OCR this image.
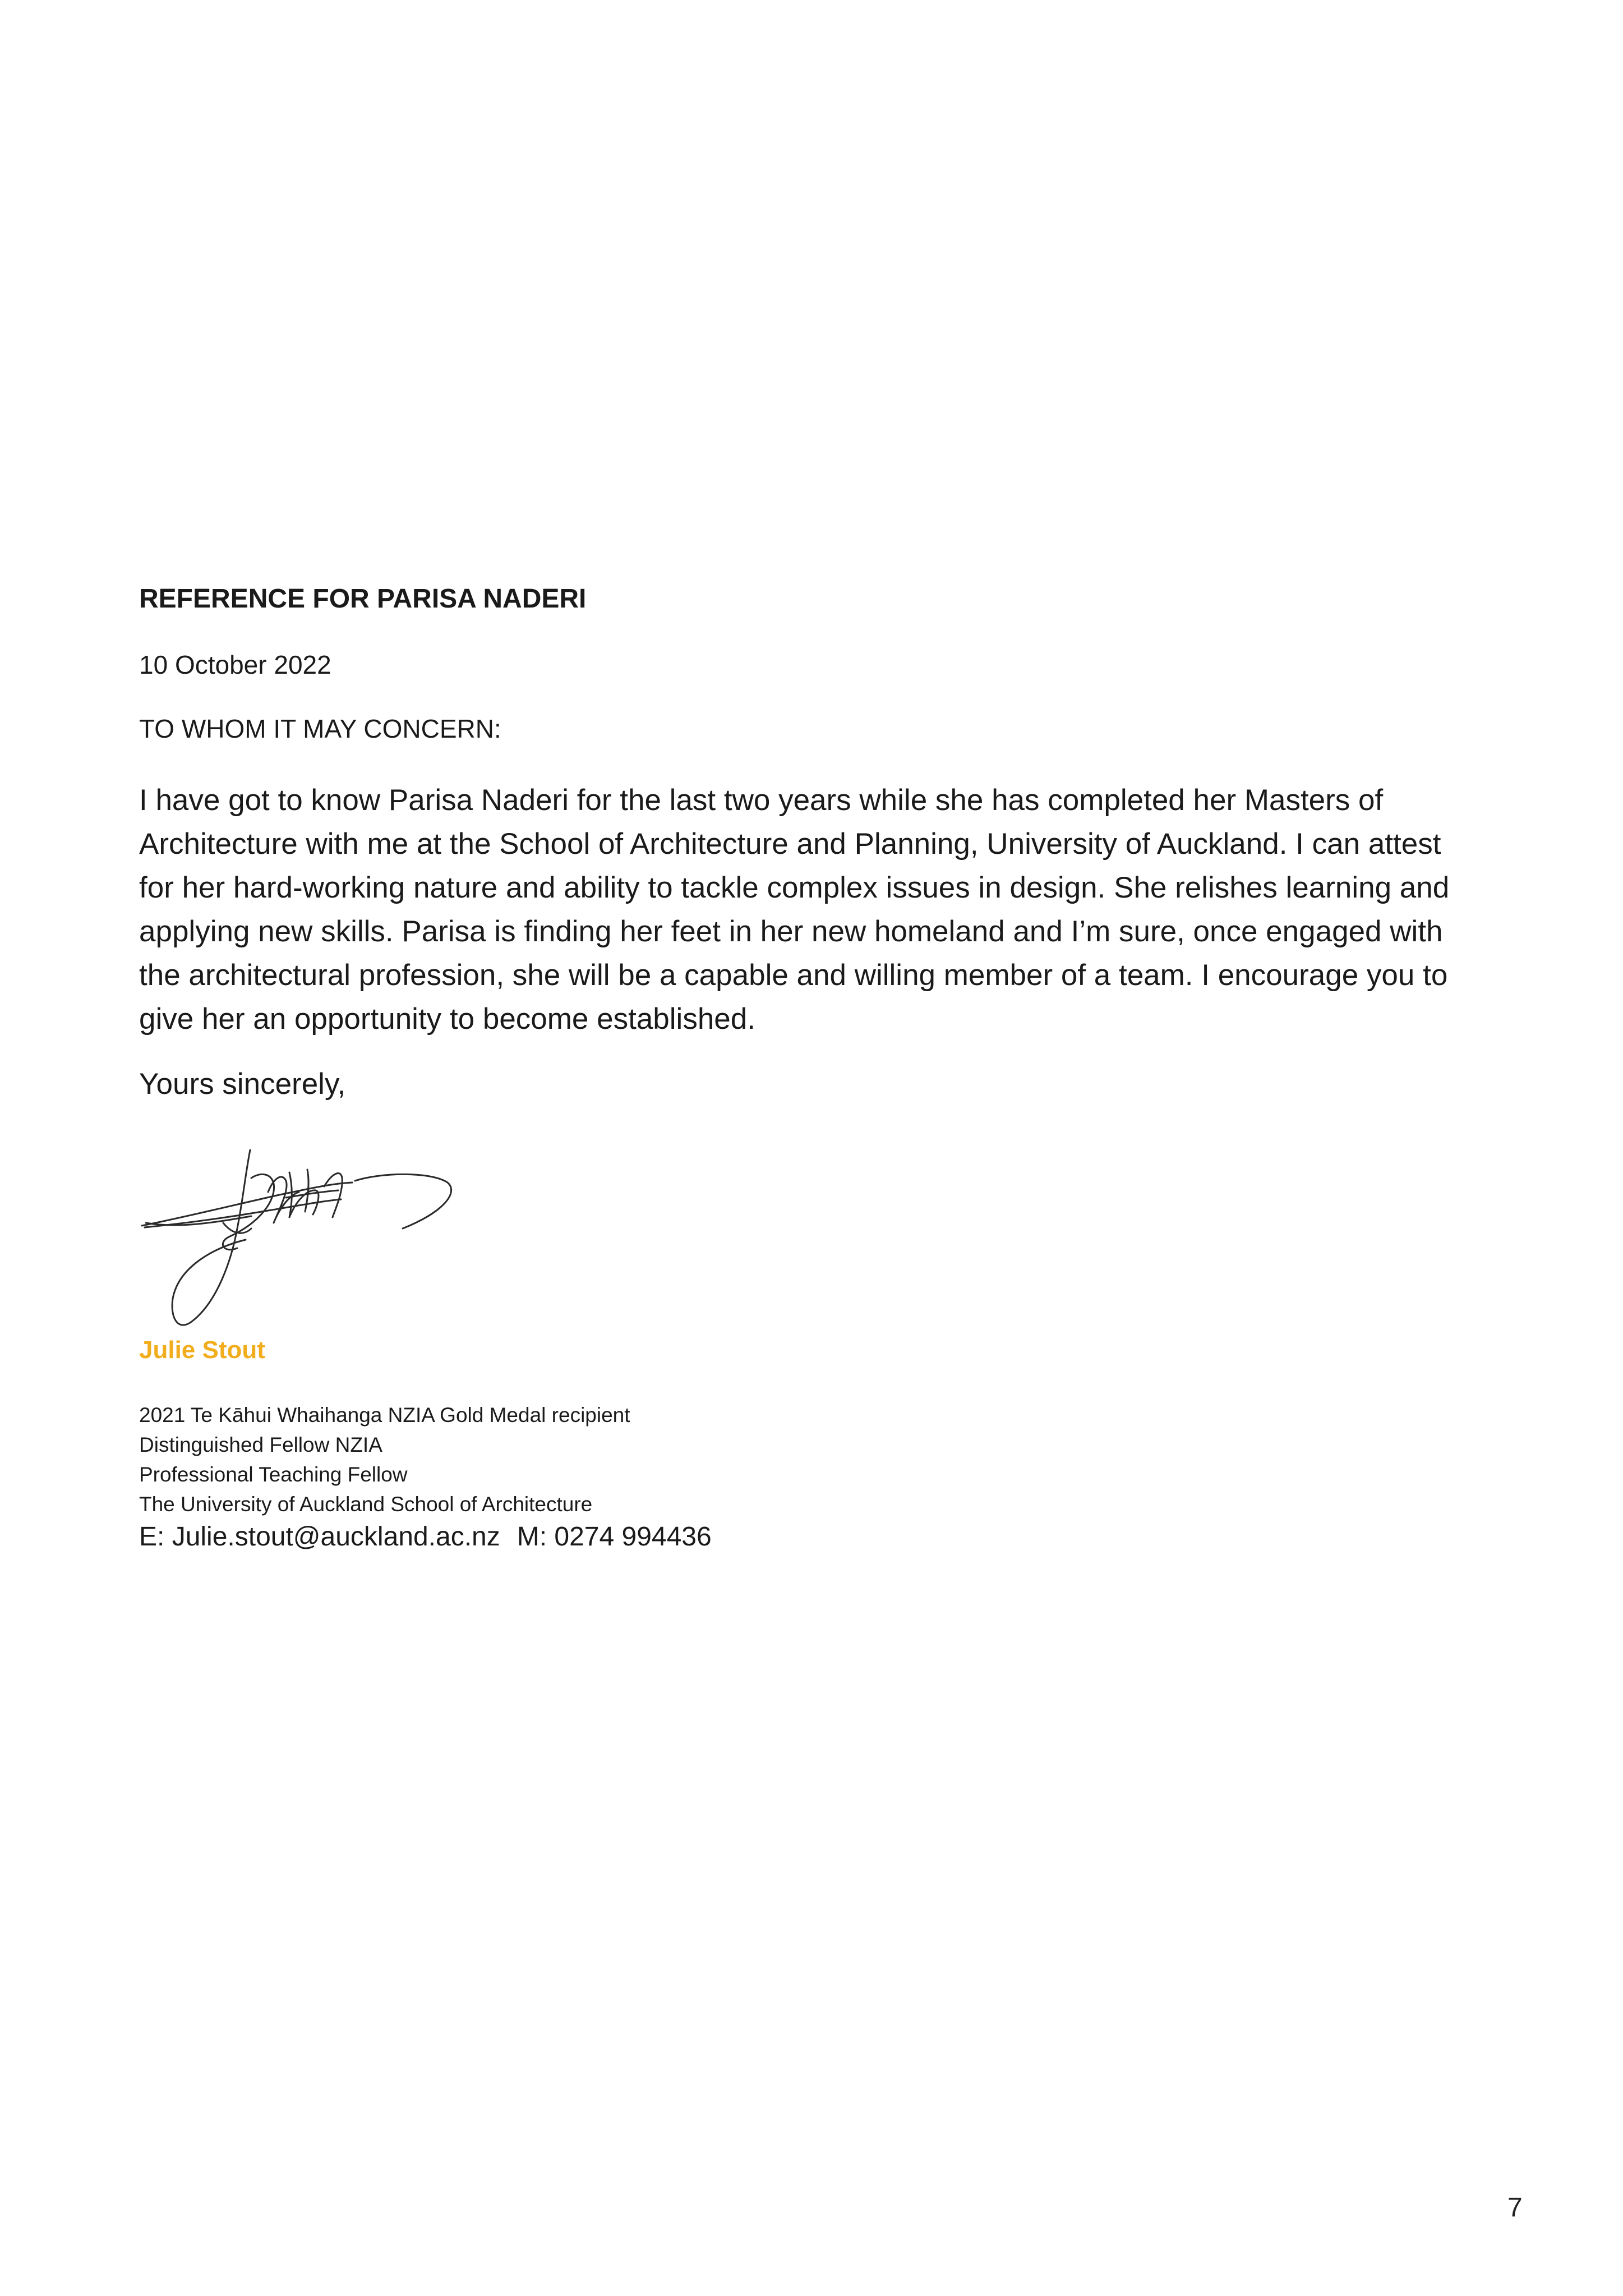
REFERENCE FOR PARISA NADERI
10 October 2022
TO WHOM IT MAY CONCERN:
I have got to know Parisa Naderi for the last two years while she has completed her Masters of
Architecture with me at the School of Architecture and Planning, University of Auckland. I can attest
for her hard-working nature and ability to tackle complex issues in design. She relishes learning and
applying new skills. Parisa is finding her feet in her new homeland and I’m sure, once engaged with
the architectural profession, she will be a capable and willing member of a team. I encourage you to
give her an opportunity to become established.
Yours sincerely,
Julie Stout
2021 Te Kāhui Whaihanga NZIA Gold Medal recipient
Distinguished Fellow NZIA
Professional Teaching Fellow
The University of Auckland School of Architecture
E: Julie.stout@auckland.ac.nz M: 0274 994436
7
